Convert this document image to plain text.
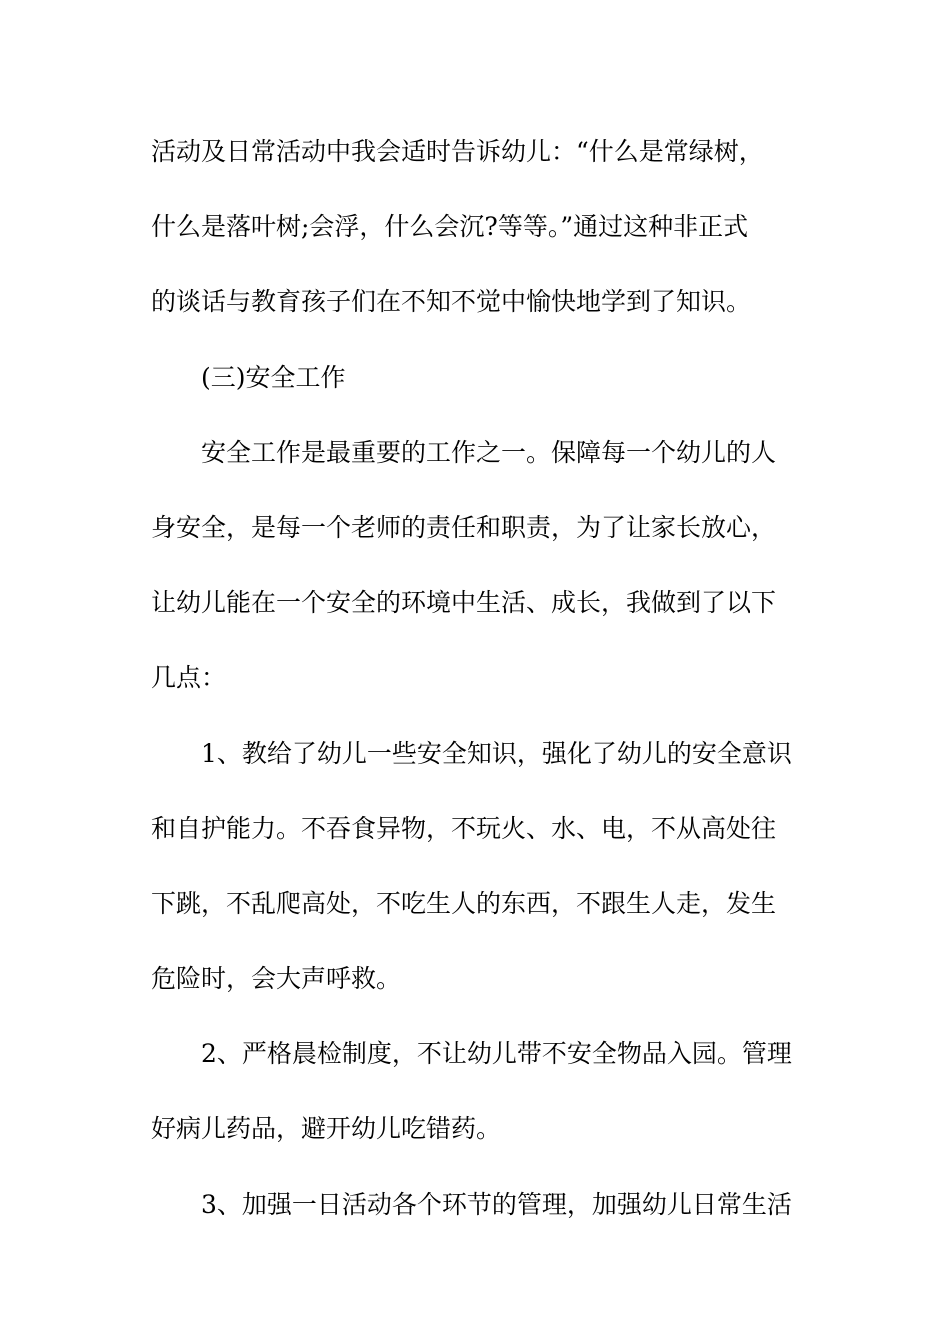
活动及日常活动中我会适时告诉幼儿：“什么是常绿树，
什么是落叶树;会浮，什么会沉?等等。”通过这种非正式
的谈话与教育孩子们在不知不觉中愉快地学到了知识。
(三)安全工作
安全工作是最重要的工作之一。保障每一个幼儿的人
身安全，是每一个老师的责任和职责，为了让家长放心，
让幼儿能在一个安全的环境中生活、成长，我做到了以下
几点：
1、教给了幼儿一些安全知识，强化了幼儿的安全意识
和自护能力。不吞食异物，不玩火、水、电，不从高处往
下跳，不乱爬高处，不吃生人的东西，不跟生人走，发生
危险时，会大声呼救。
2、严格晨检制度，不让幼儿带不安全物品入园。管理
好病儿药品，避开幼儿吃错药。
3、加强一日活动各个环节的管理，加强幼儿日常生活
